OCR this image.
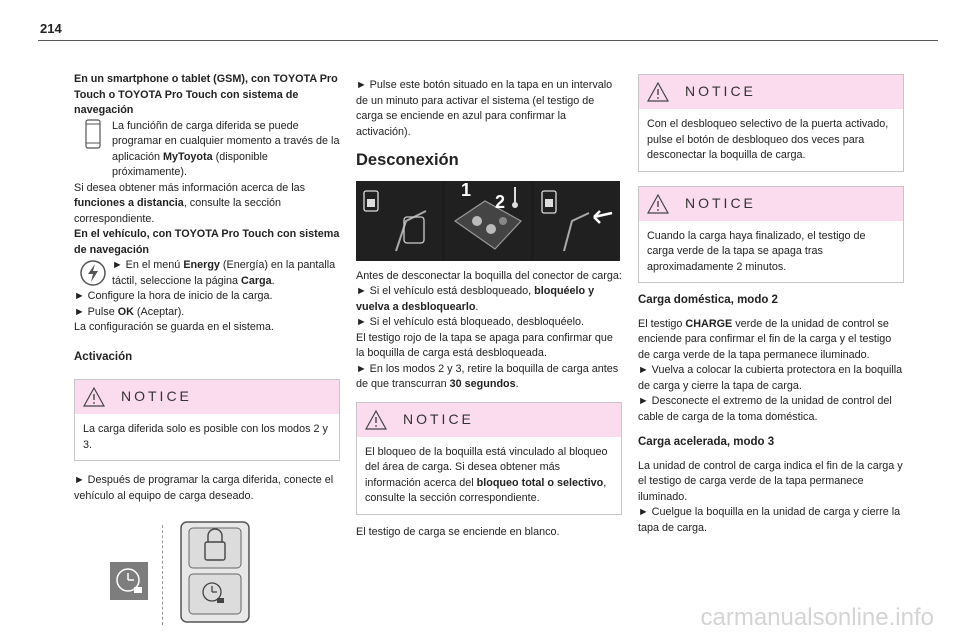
214

En un smartphone o tablet (GSM), con TOYOTA Pro Touch o TOYOTA Pro Touch con sistema de navegación

La funcióñn de carga diferida se puede programar en cualquier momento a través de la aplicación MyToyota (disponible próximamente).

Si desea obtener más información acerca de las funciones a distancia, consulte la sección correspondiente.

En el vehículo, con TOYOTA Pro Touch con sistema de navegación

► En el menú Energy (Energía) en la pantalla táctil, seleccione la página Carga.

► Configure la hora de inicio de la carga.

► Pulse OK (Aceptar).

La configuración se guarda en el sistema.

Activación
NOTICE
La carga diferida solo es posible con los modos 2 y 3.

► Después de programar la carga diferida, conecte el vehículo al equipo de carga deseado.

► Pulse este botón situado en la tapa en un intervalo de un minuto para activar el sistema (el testigo de carga se enciende en azul para confirmar la activación).

Desconexión
1
2

Antes de desconectar la boquilla del conector de carga:

► Si el vehículo está desbloqueado, bloquéelo y vuelva a desbloquearlo.

► Si el vehículo está bloqueado, desbloquéelo.

El testigo rojo de la tapa se apaga para confirmar que la boquilla de carga está desbloqueada.

► En los modos 2 y 3, retire la boquilla de carga antes de que transcurran 30 segundos.

NOTICE
El bloqueo de la boquilla está vinculado al bloqueo del área de carga. Si desea obtener más información acerca del bloqueo total o selectivo, consulte la sección correspondiente.

El testigo de carga se enciende en blanco.

NOTICE
Con el desbloqueo selectivo de la puerta activado, pulse el botón de desbloqueo dos veces para desconectar la boquilla de carga.
NOTICE
Cuando la carga haya finalizado, el testigo de carga verde de la tapa se apaga tras aproximadamente 2 minutos.
Carga doméstica, modo 2

El testigo CHARGE verde de la unidad de control se enciende para confirmar el fin de la carga y el testigo de carga verde de la tapa permanece iluminado.

► Vuelva a colocar la cubierta protectora en la boquilla de carga y cierre la tapa de carga.

► Desconecte el extremo de la unidad de control del cable de carga de la toma doméstica.

Carga acelerada, modo 3

La unidad de control de carga indica el fin de la carga y el testigo de carga verde de la tapa permanece iluminado.

► Cuelgue la boquilla en la unidad de carga y cierre la tapa de carga.

carmanualsonline.info
